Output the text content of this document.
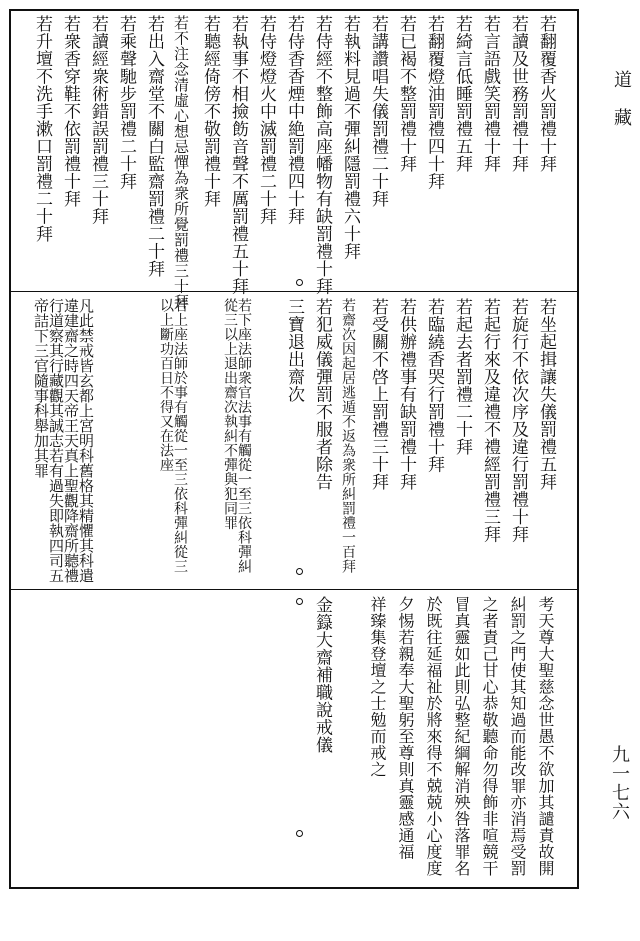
若翻覆香火罰禮十拜
若讀及世務罰禮十拜
若言語戲笑罰禮十拜
若綺言低睡罰禮五拜
若翻覆燈油罰禮四十拜
若已褐不整罰禮十拜
若講讚唱失儀罰禮二十拜
若執料見過不彈糾隱罰禮六十拜
若侍經不整飾高座幡物有缺罰禮十拜
若侍香香煙中絶罰禮四十拜
若侍燈燈火中滅罰禮二十拜
若執事不相撿飭音聲不厲罰禮五十拜
若聽經倚傍不敬罰禮十拜
若不注念清虛心想忌憚為衆所覺罰禮三十拜
若出入齋堂不關白監齋罰禮二十拜
若乘聲馳步罰禮二十拜
若讀經衆術錯誤罰禮三十拜
若衆香穿鞋不依罰禮十拜
若升壇不洗手漱口罰禮二十拜
若坐起揖讓失儀罰禮五拜
若旋行不依次序及違行罰禮十拜
若起行來及違禮不禮經罰禮三拜
若起去者罰禮二十拜
若臨繞香哭行罰禮十拜
若供辦禮事有缺罰禮十拜
若受關不啓上罰禮三十拜
若齋次因起居逃遁不返為衆所糾罰禮一百拜
若犯威儀彈罰不服者除告
三寶退出齋次
若下座法師衆官法事有觸從一至三依科彈糾從三以上退出齋次執糾不彈與犯同罪
若上座法師於事有觸從一至三依科彈糾從三以上斷功百日不得又在法座
凡此禁戒皆玄都上宮明科舊格其精懼其科遣違建齋之時四天帝王天真上聖觀降齋所聽禮行道察其行藏觀其誠志若有過失即執四司五帝詰下三官隨事科舉加其罪
考天尊大聖慈念世愚不欲加其譴責故開
糾罰之門使其知過而能改罪亦消焉受罰
之者責己甘心恭敬聽命勿得飾非喧競干
冒真靈如此則弘整紀綱解消殃咎落罪名
於既往延福祉於將來得不兢兢小心度度
夕惕若親奉大聖躬至尊則真靈感通福
祥臻集登壇之士勉而戒之
金籙大齋補職說戒儀
道藏
九一七六
